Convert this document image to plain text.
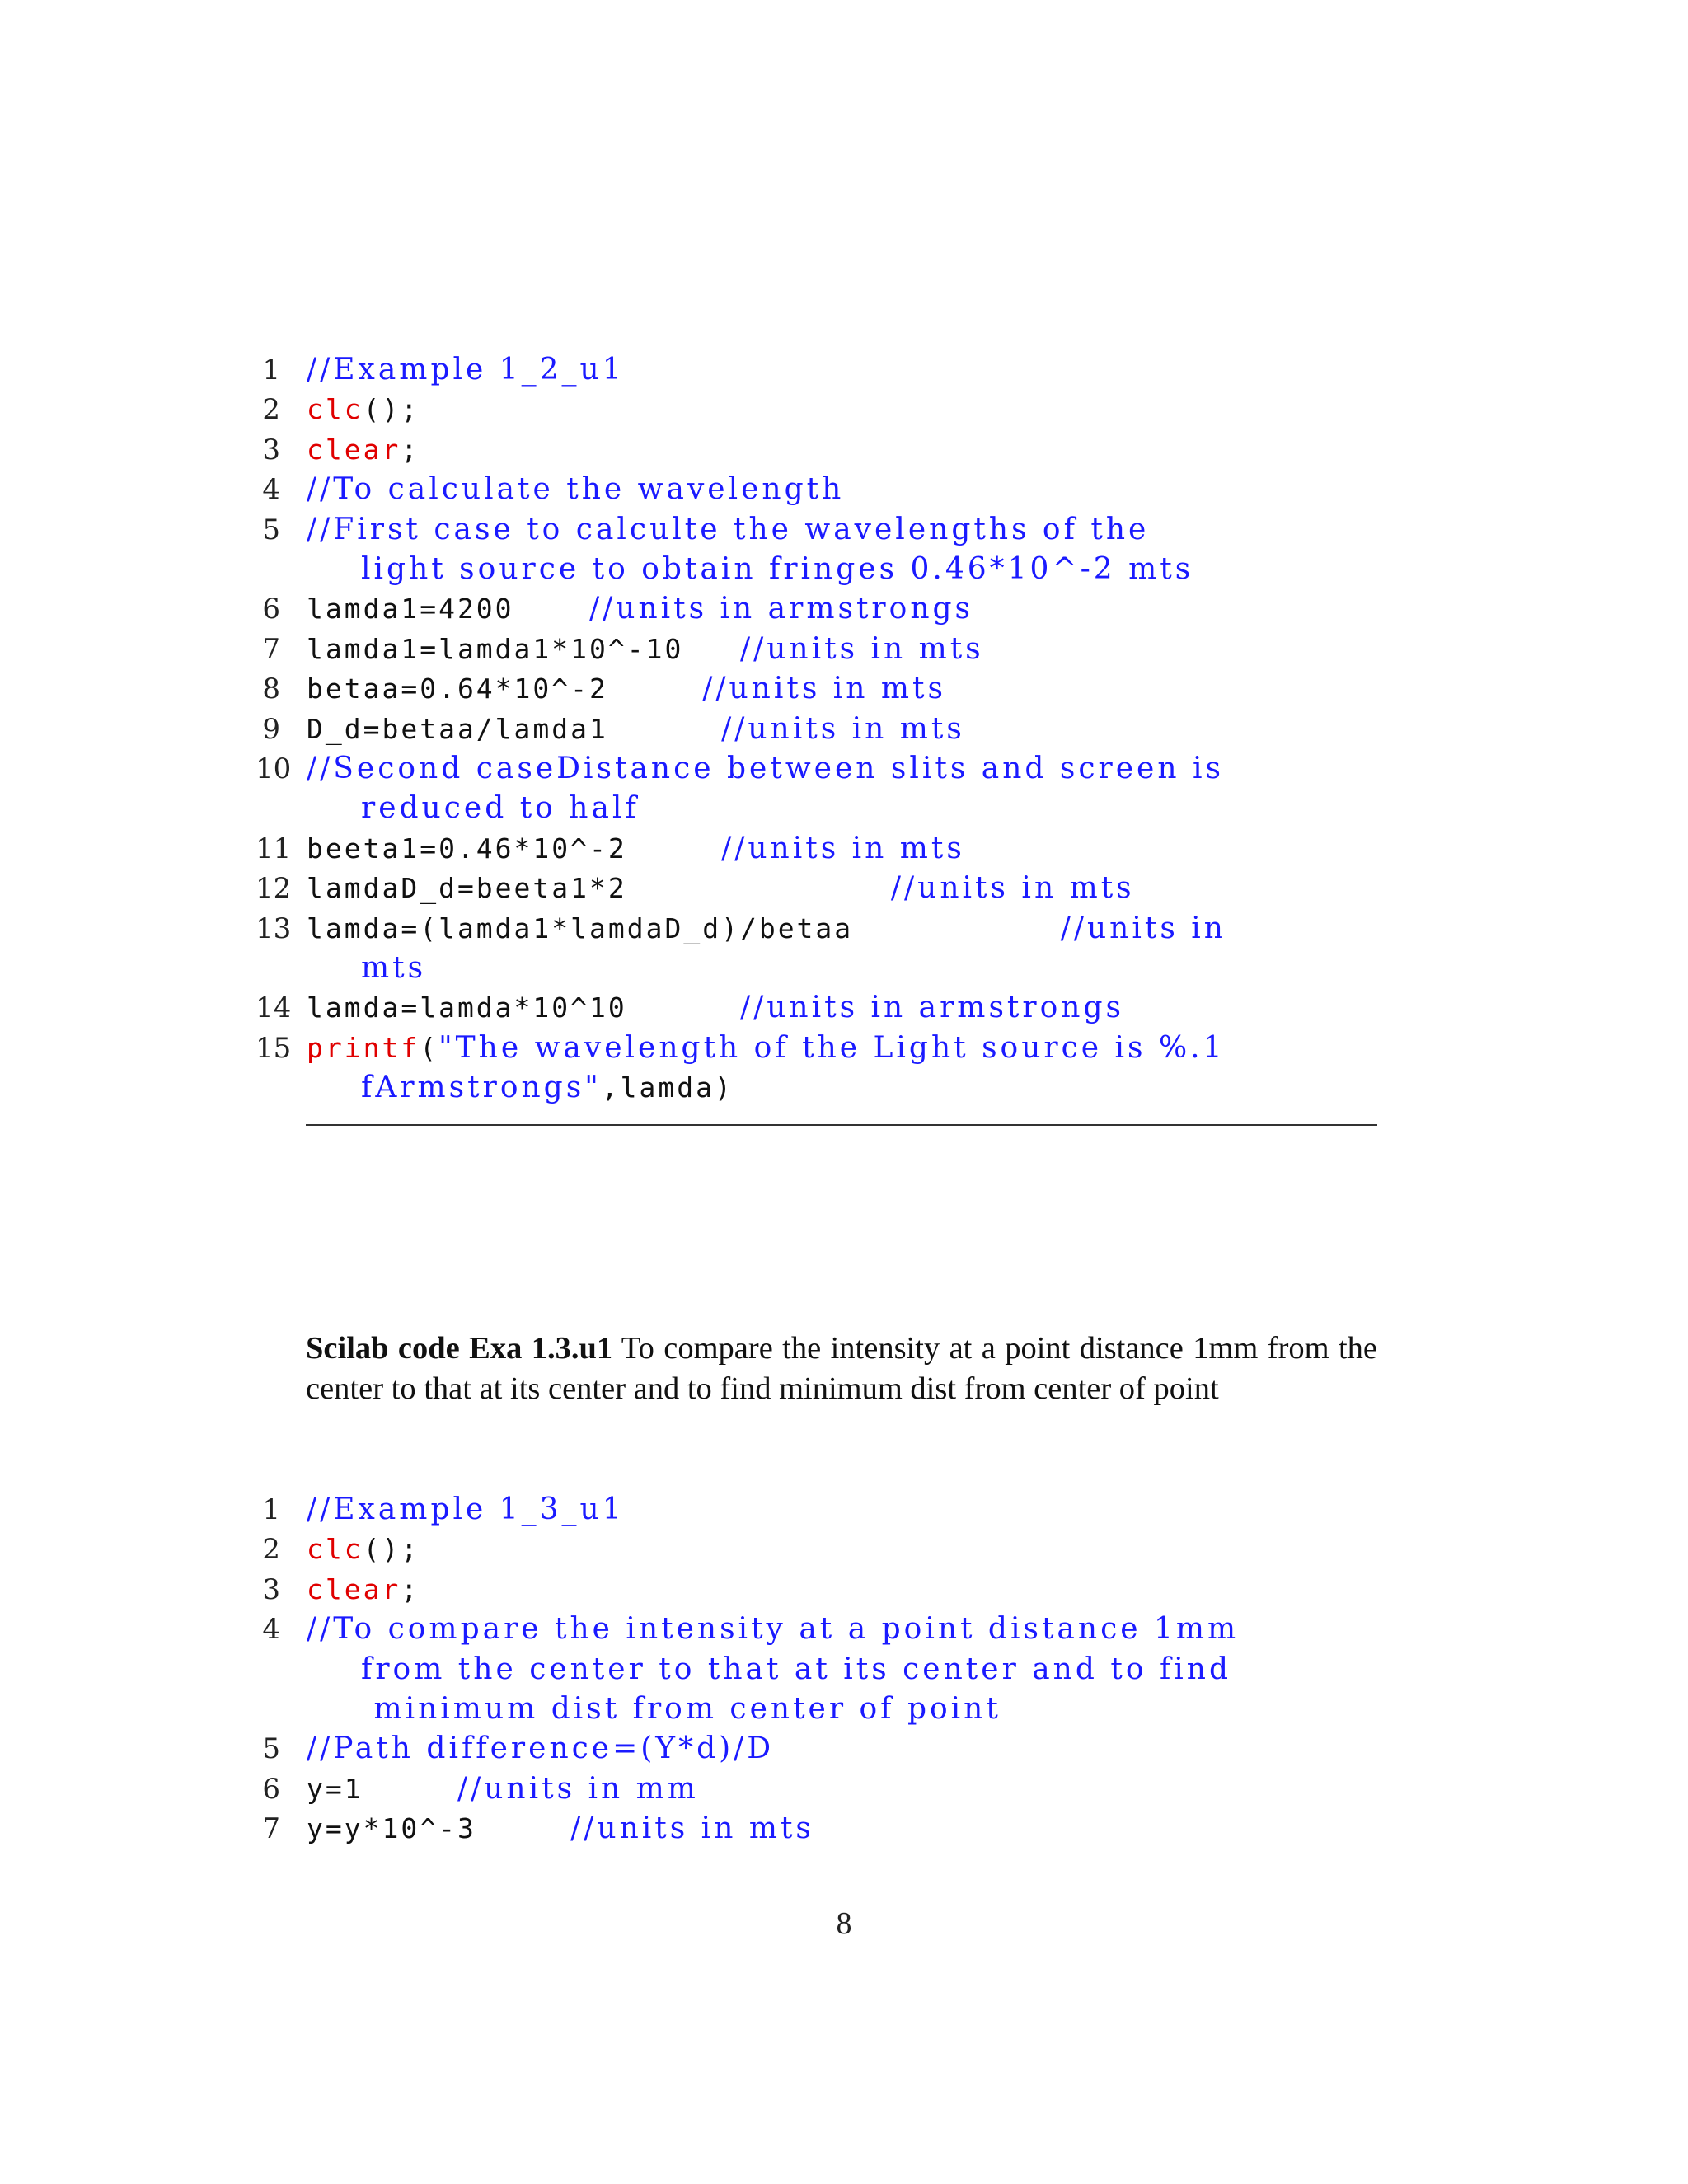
1 //Example 1_2_u1
2 clc();
3 clear;
4 //To calculate the wavelength
5 //First case to calculte the wavelengths of the
light source to obtain fringes 0.46*10^-2 mts
6 lamda1=4200    //units in armstrongs
7 lamda1=lamda1*10^-10   //units in mts
8 betaa=0.64*10^-2     //units in mts
9 D_d=betaa/lamda1      //units in mts
10 //Second caseDistance between slits and screen is
reduced to half
11 beeta1=0.46*10^-2     //units in mts
12 lamdaD_d=beeta1*2              //units in mts
13 lamda=(lamda1*lamdaD_d)/betaa           //units in
mts
14 lamda=lamda*10^10      //units in armstrongs
15 printf("The wavelength of the Light source is %.1
fArmstrongs",lamda)
Scilab code Exa 1.3.u1 To compare the intensity at a point distance 1mm from the center to that at its center and to find minimum dist from center of point
1 //Example 1_3_u1
2 clc();
3 clear;
4 //To compare the intensity at a point distance 1mm
from the center to that at its center and to find
minimum dist from center of point
5 //Path difference=(Y*d)/D
6 y=1     //units in mm
7 y=y*10^-3     //units in mts
8
